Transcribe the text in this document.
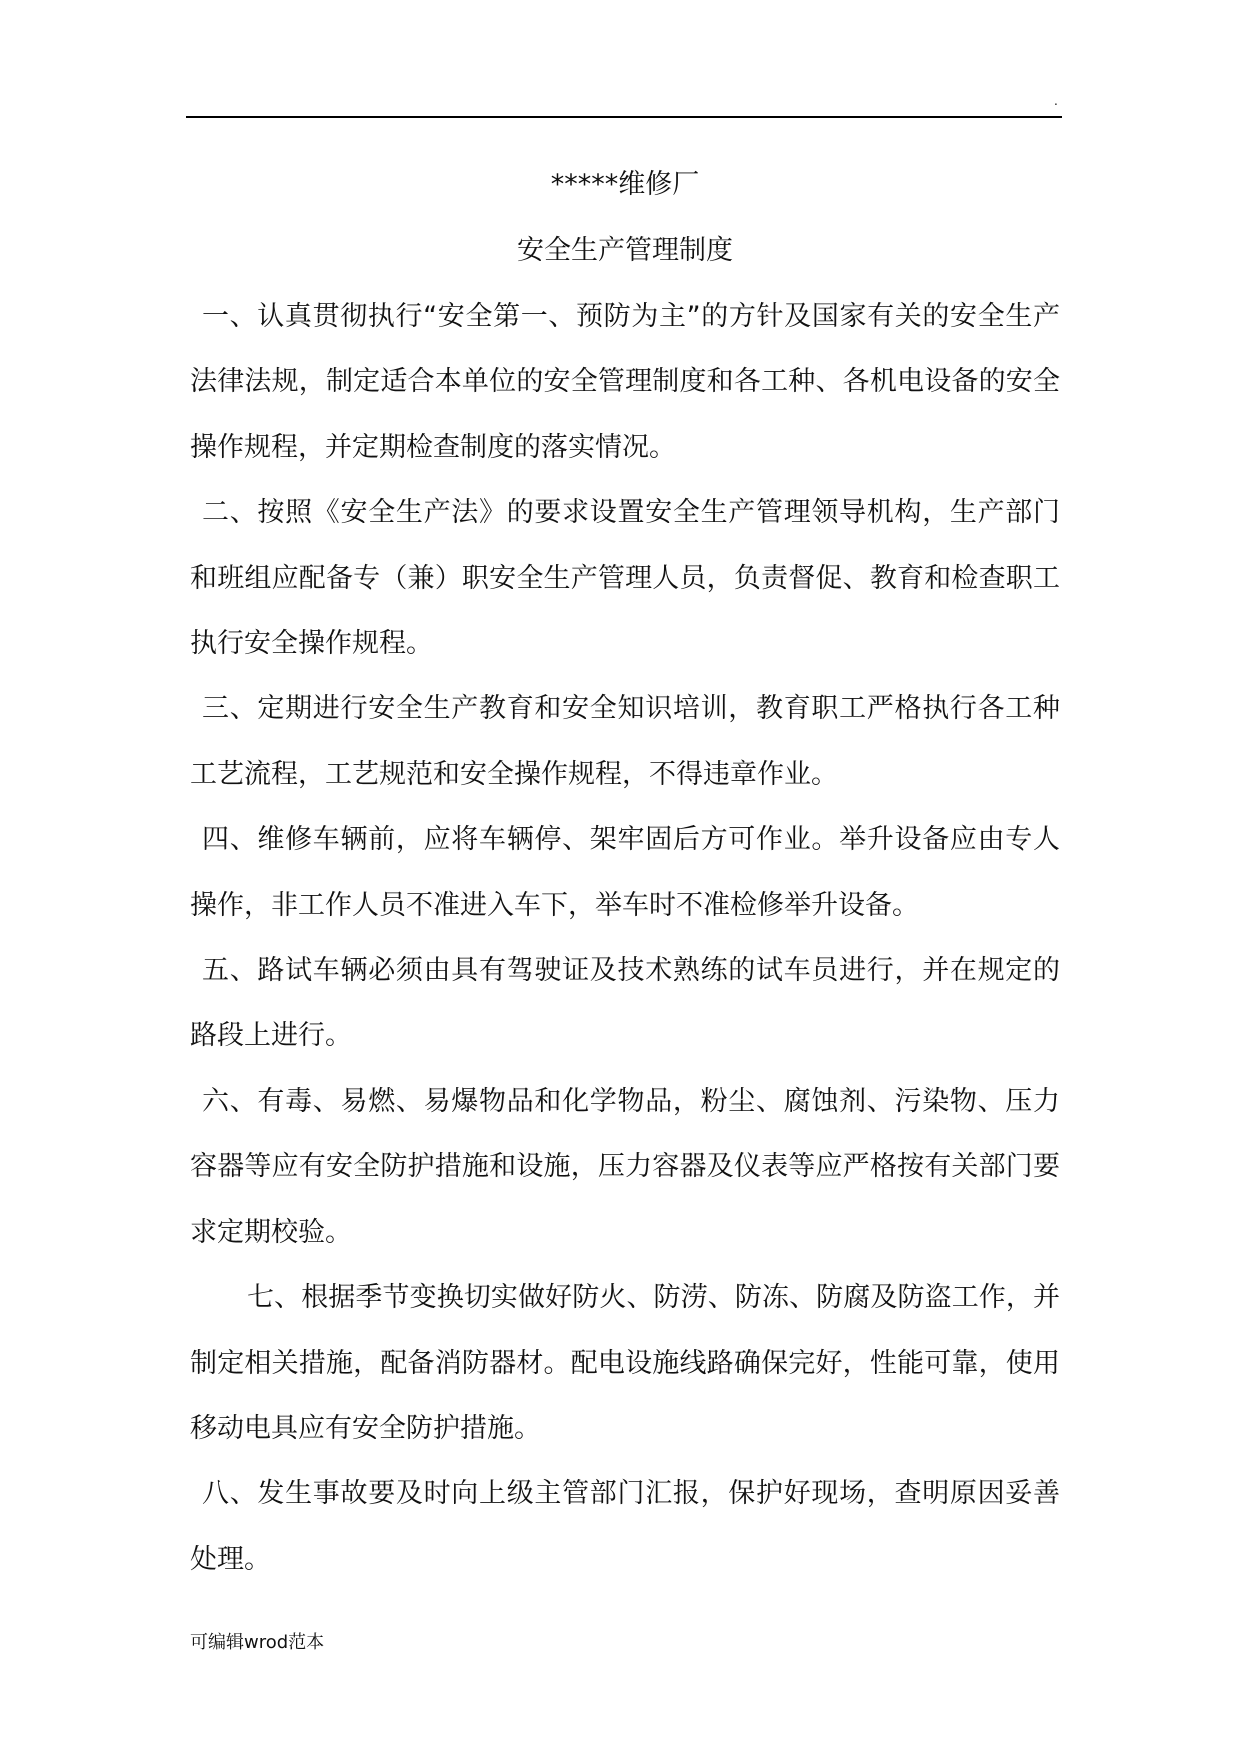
.
*****维修厂
安全生产管理制度

一、认真贯彻执行“安全第一、预防为主”的方针及国家有关的安全生产法律法规，制定适合本单位的安全管理制度和各工种、各机电设备的安全操作规程，并定期检查制度的落实情况。

二、按照《安全生产法》的要求设置安全生产管理领导机构，生产部门和班组应配备专（兼）职安全生产管理人员，负责督促、教育和检查职工执行安全操作规程。

三、定期进行安全生产教育和安全知识培训，教育职工严格执行各工种工艺流程，工艺规范和安全操作规程，不得违章作业。

四、维修车辆前，应将车辆停、架牢固后方可作业。举升设备应由专人操作，非工作人员不准进入车下，举车时不准检修举升设备。

五、路试车辆必须由具有驾驶证及技术熟练的试车员进行，并在规定的路段上进行。

六、有毒、易燃、易爆物品和化学物品，粉尘、腐蚀剂、污染物、压力容器等应有安全防护措施和设施，压力容器及仪表等应严格按有关部门要求定期校验。

七、根据季节变换切实做好防火、防涝、防冻、防腐及防盗工作，并制定相关措施，配备消防器材。配电设施线路确保完好，性能可靠，使用移动电具应有安全防护措施。

八、发生事故要及时向上级主管部门汇报，保护好现场，查明原因妥善处理。

可编辑wrod范本
